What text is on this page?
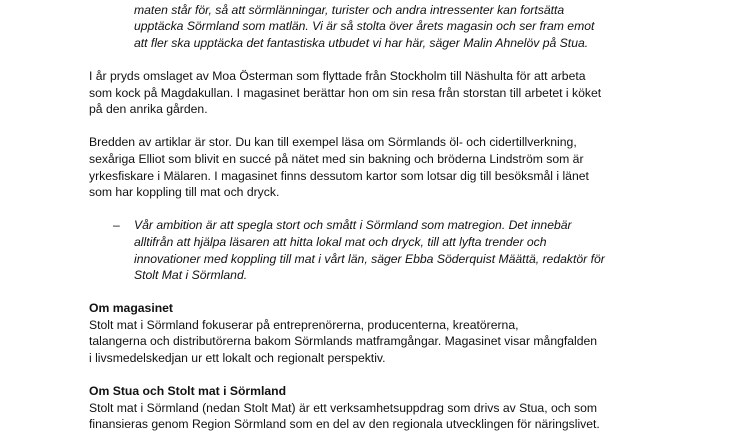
maten står för, så att sörmlänningar, turister och andra intressenter kan fortsätta
upptäcka Sörmland som matlän. Vi är så stolta över årets magasin och ser fram emot
att fler ska upptäcka det fantastiska utbudet vi har här, säger Malin Ahnelöv på Stua.
I år pryds omslaget av Moa Österman som flyttade från Stockholm till Näshulta för att arbeta
som kock på Magdakullan. I magasinet berättar hon om sin resa från storstan till arbetet i köket
på den anrika gården.
Bredden av artiklar är stor. Du kan till exempel läsa om Sörmlands öl- och cidertillverkning,
sexåriga Elliot som blivit en succé på nätet med sin bakning och bröderna Lindström som är
yrkesfiskare i Mälaren. I magasinet finns dessutom kartor som lotsar dig till besöksmål i länet
som har koppling till mat och dryck.
– Vår ambition är att spegla stort och smått i Sörmland som matregion. Det innebär
alltifrån att hjälpa läsaren att hitta lokal mat och dryck, till att lyfta trender och
innovationer med koppling till mat i vårt län, säger Ebba Söderquist Määttä, redaktör för
Stolt Mat i Sörmland.
Om magasinet
Stolt mat i Sörmland fokuserar på entreprenörerna, producenterna, kreatörerna,
talangerna och distributörerna bakom Sörmlands matframgångar. Magasinet visar mångfalden
i livsmedelskedjan ur ett lokalt och regionalt perspektiv.
Om Stua och Stolt mat i Sörmland
Stolt mat i Sörmland (nedan Stolt Mat) är ett verksamhetsuppdrag som drivs av Stua, och som
finansieras genom Region Sörmland som en del av den regionala utvecklingen för näringslivet.
